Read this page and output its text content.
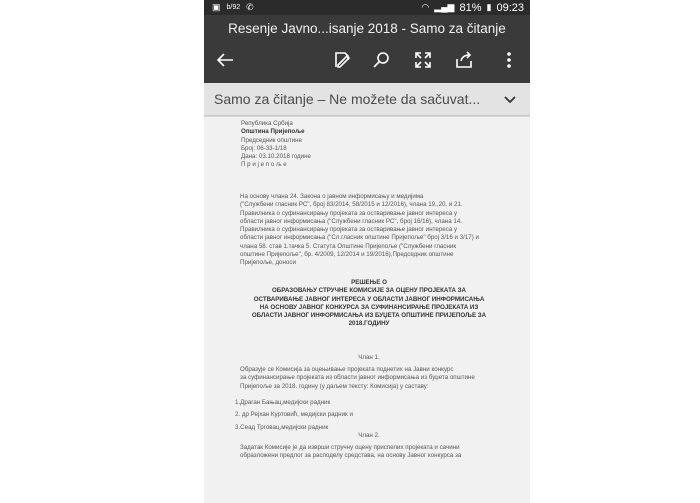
▣ b/92 ✆	◠ ▂▄▆ 81% ▮ 09:23
Resenje Javno...isanje 2018 - Samo za čitanje
Samo za čitanje – Ne možete da sačuvat...
Република Србија
Општина Пријепоље
Председник општине
Број: 06-33-1/18
Дана: 03.10.2018 године
П р и ј е п о љ е
На основу члана 24. Закона о јавном информисању и медијима
("Службени гласник РС", број 83/2014, 58/2015 и 12/2016), члана 19.,20. и 21.
Правилника о суфинансирању пројеката за остваривање јавног интереса у
области јавног информисања ("Службени гласник РС", број 16/16), члана 14.
Правилника о суфинансирању пројеката за остваривање јавног интереса у
области јавног информисања ("Сл.гласник општине Пријепоље" број 3/16 и 3/17) и
члана 58. став 1.тачка 5. Статута Општине Пријепоље ("Службени гласник
општине Пријепоље", бр. 4/2009, 12/2014 и 19/2016),Председник општине
Пријепоље, доноси
РЕШЕЊЕ О
ОБРАЗОВАЊУ СТРУЧНЕ КОМИСИЈЕ ЗА ОЦЕНУ ПРОЈЕКАТА ЗА
ОСТВАРИВАЊЕ ЈАВНОГ ИНТЕРЕСА У ОБЛАСТИ ЈАВНОГ ИНФОРМИСАЊА
НА ОСНОВУ ЈАВНОГ КОНКУРСА ЗА СУФИНАНСИРАЊЕ ПРОЈЕКАТА ИЗ
ОБЛАСТИ ЈАВНОГ ИНФОРМИСАЊА ИЗ БУЏЕТА ОПШТИНЕ ПРИЈЕПОЉЕ ЗА
2018.ГОДИНУ
Члан 1.
Образује се Комисија за оцењивање пројеката поднетих на Јавни конкурс
за суфинансирање пројеката из области јавног информисања из буџета општине
Пријепоље за 2018. годину (у даљем тексту: Комисија) у саставу:
1.Драган Бањац,медијски радник
2. др Рејхан Куртовић, медијски радник и
3.Сеад Трговац,медијски радник
Члан 2.
Задатак Комисије је да изврши стручну оцену приспелих пројеката и сачини
образложени предлог за расподелу средстава, на основу Јавног конкурса за
